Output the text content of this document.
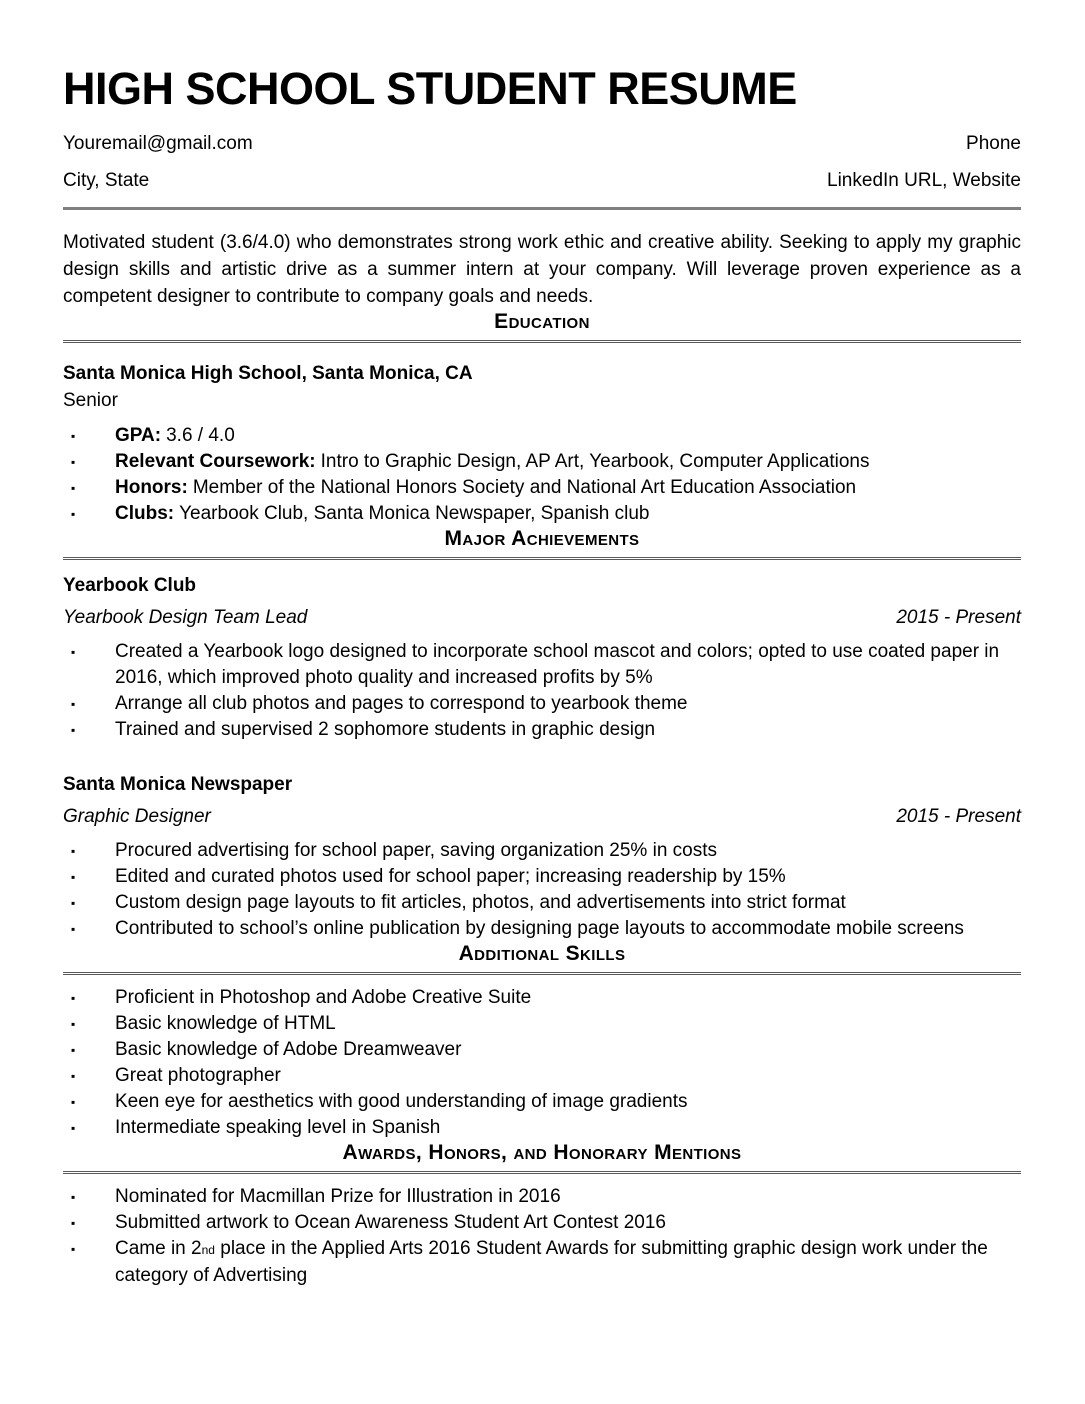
HIGH SCHOOL STUDENT RESUME
Youremail@gmail.com	Phone
City, State	LinkedIn URL, Website

Motivated student (3.6/4.0) who demonstrates strong work ethic and creative ability. Seeking to apply my graphic design skills and artistic drive as a summer intern at your company. Will leverage proven experience as a competent designer to contribute to company goals and needs.

Education
Santa Monica High School, Santa Monica, CA
Senior
▪	GPA: 3.6 / 4.0
▪	Relevant Coursework: Intro to Graphic Design, AP Art, Yearbook, Computer Applications
▪	Honors: Member of the National Honors Society and National Art Education Association
▪	Clubs: Yearbook Club, Santa Monica Newspaper, Spanish club
Major Achievements
Yearbook Club
Yearbook Design Team Lead	2015 - Present
▪	Created a Yearbook logo designed to incorporate school mascot and colors; opted to use coated paper in 2016, which improved photo quality and increased profits by 5%
▪	Arrange all club photos and pages to correspond to yearbook theme
▪	Trained and supervised 2 sophomore students in graphic design
Santa Monica Newspaper
Graphic Designer	2015 - Present
▪	Procured advertising for school paper, saving organization 25% in costs
▪	Edited and curated photos used for school paper; increasing readership by 15%
▪	Custom design page layouts to fit articles, photos, and advertisements into strict format
▪	Contributed to school’s online publication by designing page layouts to accommodate mobile screens
Additional Skills
▪	Proficient in Photoshop and Adobe Creative Suite
▪	Basic knowledge of HTML
▪	Basic knowledge of Adobe Dreamweaver
▪	Great photographer
▪	Keen eye for aesthetics with good understanding of image gradients
▪	Intermediate speaking level in Spanish
Awards, Honors, and Honorary Mentions
▪	Nominated for Macmillan Prize for Illustration in 2016
▪	Submitted artwork to Ocean Awareness Student Art Contest 2016
▪	Came in 2nd place in the Applied Arts 2016 Student Awards for submitting graphic design work under the category of Advertising
